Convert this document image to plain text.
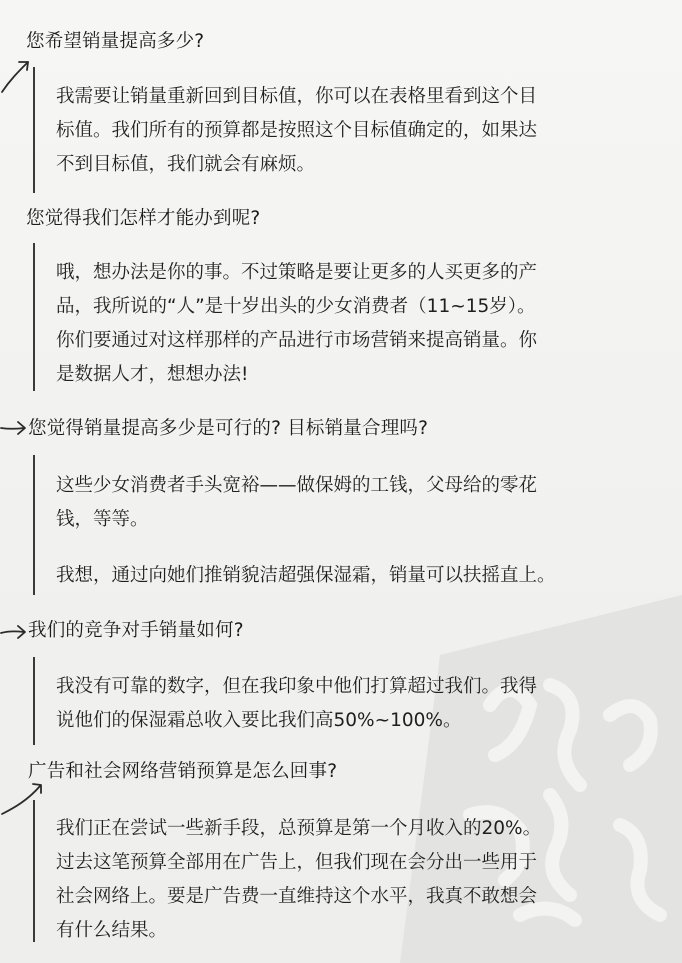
您希望销量提高多少?

我需要让销量重新回到目标值，你可以在表格里看到这个目

标值。我们所有的预算都是按照这个目标值确定的，如果达

不到目标值，我们就会有麻烦。

您觉得我们怎样才能办到呢?

哦，想办法是你的事。不过策略是要让更多的人买更多的产

品，我所说的“人”是十岁出头的少女消费者（11~15岁）。

你们要通过对这样那样的产品进行市场营销来提高销量。你

是数据人才，想想办法!

您觉得销量提高多少是可行的? 目标销量合理吗?

这些少女消费者手头宽裕——做保姆的工钱，父母给的零花

钱，等等。

我想，通过向她们推销貌洁超强保湿霜，销量可以扶摇直上。

我们的竞争对手销量如何?

我没有可靠的数字，但在我印象中他们打算超过我们。我得

说他们的保湿霜总收入要比我们高50%~100%。

广告和社会网络营销预算是怎么回事?

我们正在尝试一些新手段，总预算是第一个月收入的20%。

过去这笔预算全部用在广告上，但我们现在会分出一些用于

社会网络上。要是广告费一直维持这个水平，我真不敢想会

有什么结果。
